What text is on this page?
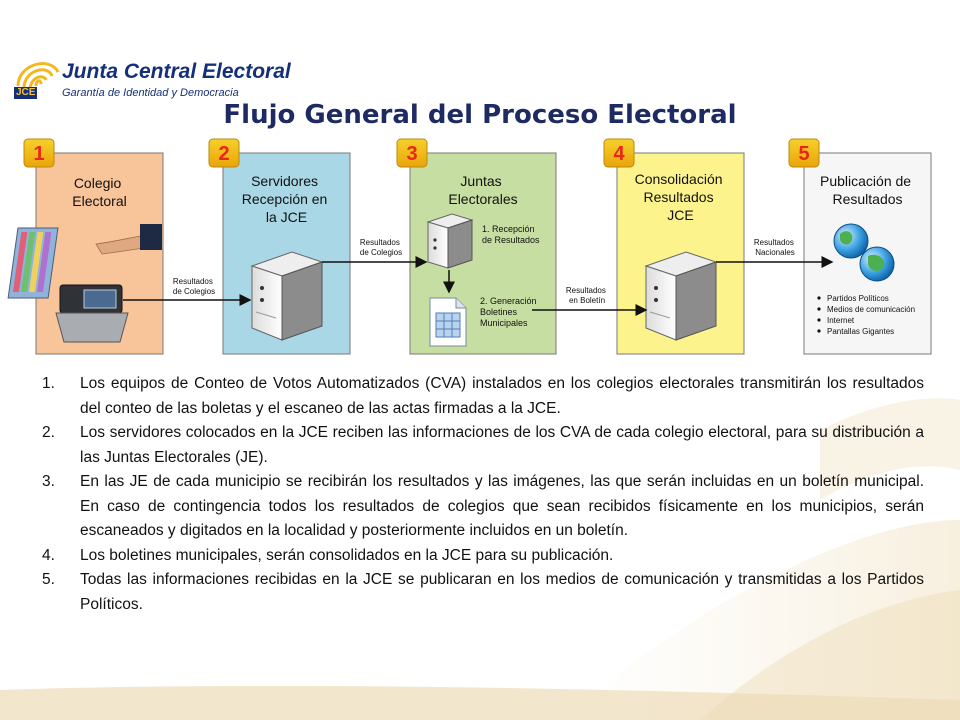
Junta Central Electoral
JCE Garantía de Identidad y Democracia
Flujo General del Proceso Electoral
Colegio Electoral
Servidores Recepción en la JCE
Juntas Electorales
Consolidación Resultados JCE
Publicación de Resultados
1	2	3	4	5
1. Recepción de Resultados
2. Generación Boletines Municipales
Partidos Políticos
Medios de comunicación
Internet
Pantallas Gigantes
Resultados de Colegios
Resultados de Colegios
Resultados en Boletín
Resultados Nacionales
1. Los equipos de Conteo de Votos Automatizados (CVA) instalados en los colegios electorales transmitirán los resultados del conteo de las boletas y el escaneo de las actas firmadas a la JCE.
2. Los servidores colocados en la JCE reciben las informaciones de los CVA de cada colegio electoral, para su distribución a las Juntas Electorales (JE).
3. En las JE de cada municipio se recibirán los resultados y las imágenes, las que serán incluidas en un boletín municipal. En caso de contingencia todos los resultados de colegios que sean recibidos físicamente en los municipios, serán escaneados y digitados en la localidad y posteriormente incluidos en un boletín.
4. Los boletines municipales, serán consolidados en la JCE para su publicación.
5. Todas las informaciones recibidas en la JCE se publicaran en los medios de comunicación y transmitidas a los Partidos Políticos.
